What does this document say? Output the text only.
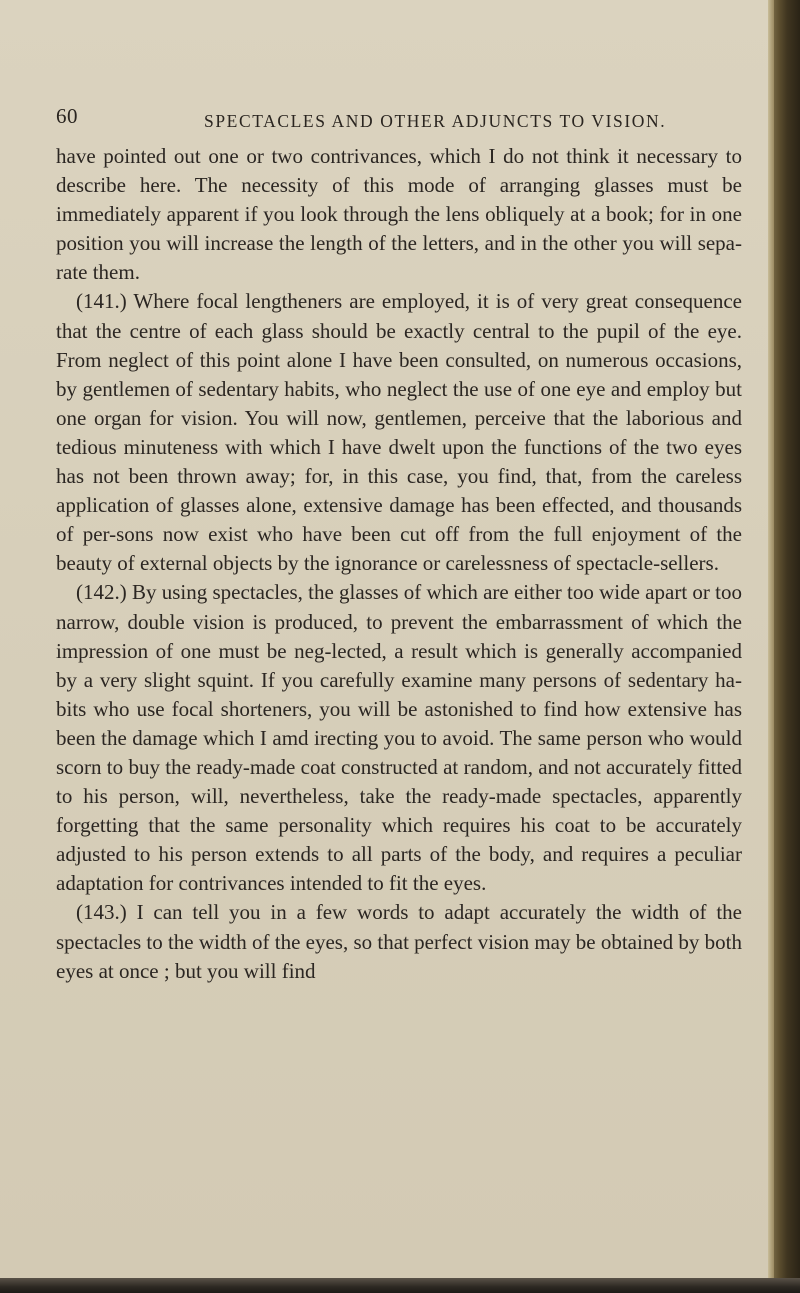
60	SPECTACLES AND OTHER ADJUNCTS TO VISION.

have pointed out one or two contrivances, which I do not think it necessary to describe here. The necessity of this mode of arranging glasses must be immediately apparent if you look through the lens obliquely at a book; for in one position you will increase the length of the letters, and in the other you will sepa-rate them.

(141.) Where focal lengtheners are employed, it is of very great consequence that the centre of each glass should be exactly central to the pupil of the eye. From neglect of this point alone I have been consulted, on numerous occasions, by gentlemen of sedentary habits, who neglect the use of one eye and employ but one organ for vision. You will now, gentlemen, perceive that the laborious and tedious minuteness with which I have dwelt upon the functions of the two eyes has not been thrown away; for, in this case, you find, that, from the careless application of glasses alone, extensive damage has been effected, and thousands of per-sons now exist who have been cut off from the full enjoyment of the beauty of external objects by the ignorance or carelessness of spectacle-sellers.

(142.) By using spectacles, the glasses of which are either too wide apart or too narrow, double vision is produced, to prevent the embarrassment of which the impression of one must be neg-lected, a result which is generally accompanied by a very slight squint. If you carefully examine many persons of sedentary ha-bits who use focal shorteners, you will be astonished to find how extensive has been the damage which I amd irecting you to avoid. The same person who would scorn to buy the ready-made coat constructed at random, and not accurately fitted to his person, will, nevertheless, take the ready-made spectacles, apparently forgetting that the same personality which requires his coat to be accurately adjusted to his person extends to all parts of the body, and requires a peculiar adaptation for contrivances intended to fit the eyes.

(143.) I can tell you in a few words to adapt accurately the width of the spectacles to the width of the eyes, so that perfect vision may be obtained by both eyes at once ; but you will find
